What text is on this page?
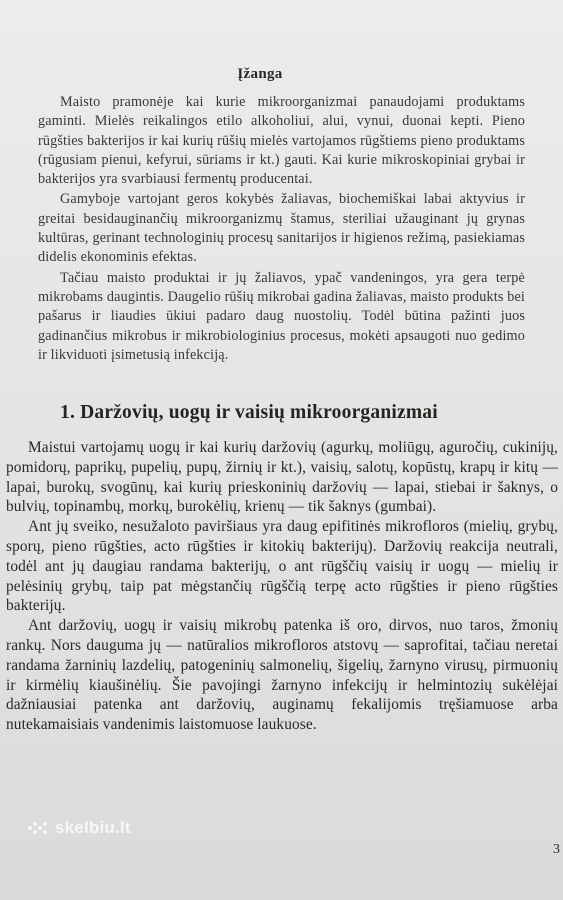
Įžanga

Maisto pramonėje kai kurie mikroorganizmai panaudojami produktams gaminti. Mielės reikalingos etilo alkoholiui, alui, vynui, duonai kepti. Pieno rūgšties bakterijos ir kai kurių rūšių mielės vartojamos rūgštiems pieno produktams (rūgusiam pienui, kefyrui, sūriams ir kt.) gauti. Kai kurie mikroskopiniai grybai ir bakterijos yra svarbiausi fermentų producentai.

Gamyboje vartojant geros kokybės žaliavas, biochemiškai labai aktyvius ir greitai besidauginančių mikroorganizmų štamus, steriliai užauginant jų grynas kultūras, gerinant technologinių procesų sanitarijos ir higienos režimą, pasiekiamas didelis ekonominis efektas.

Tačiau maisto produktai ir jų žaliavos, ypač vandeningos, yra gera terpė mikrobams daugintis. Daugelio rūšių mikrobai gadina žaliavas, maisto produkts bei pašarus ir liaudies ūkiui padaro daug nuostolių. Todėl būtina pažinti juos gadinančius mikrobus ir mikrobiologinius procesus, mokėti apsaugoti nuo gedimo ir likviduoti įsimetusią infekciją.

1. Daržovių, uogų ir vaisių mikroorganizmai

Maistui vartojamų uogų ir kai kurių daržovių (agurkų, moliūgų, aguročių, cukinijų, pomidorų, paprikų, pupelių, pupų, žirnių ir kt.), vaisių, salotų, kopūstų, krapų ir kitų — lapai, burokų, svogūnų, kai kurių prieskoninių daržovių — lapai, stiebai ir šaknys, o bulvių, topinambų, morkų, burokėlių, krienų — tik šaknys (gumbai).

Ant jų sveiko, nesužalotо paviršiaus yra daug epifitinės mikrofloros (mielių, grybų, sporų, pieno rūgšties, acto rūgšties ir kitokių bakterijų). Daržovių reakcija neutrali, todėl ant jų daugiau randama bakterijų, o ant rūgščių vaisių ir uogų — mielių ir pelėsinių grybų, taip pat mėgstančių rūgščią terpę acto rūgšties ir pieno rūgšties bakterijų.

Ant daržovių, uogų ir vaisių mikrobų patenka iš oro, dirvos, nuo taros, žmonių rankų. Nors dauguma jų — natūralios mikrofloros atstovų — saprofitai, tačiau neretai randama žarninių lazdelių, patogeninių salmonelių, šigelių, žarnyno virusų, pirmuonių ir kirmėlių kiaušinėlių. Šie pavojingi žarnyno infekcijų ir helmintozių sukėlėjai dažniausiai patenka ant daržovių, auginamų fekalijomis tręšiamuose arba nutekamaisiais vandenimis laistomuose laukuose.

skelbiu.lt
3
